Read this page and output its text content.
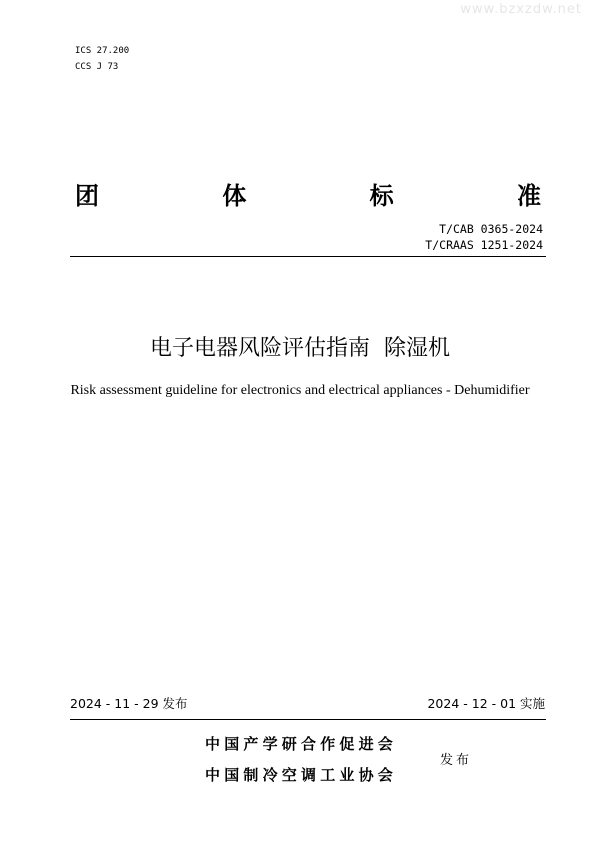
www.bzxzdw.net
ICS 27.200
CCS J 73
团	体	标	准
T/CAB 0365-2024
T/CRAAS 1251-2024
电子电器风险评估指南  除湿机
Risk assessment guideline for electronics and electrical appliances - Dehumidifier
2024 - 11 - 29 发布	2024 - 12 - 01 实施
中国产学研合作促进会
中国制冷空调工业协会
发布
